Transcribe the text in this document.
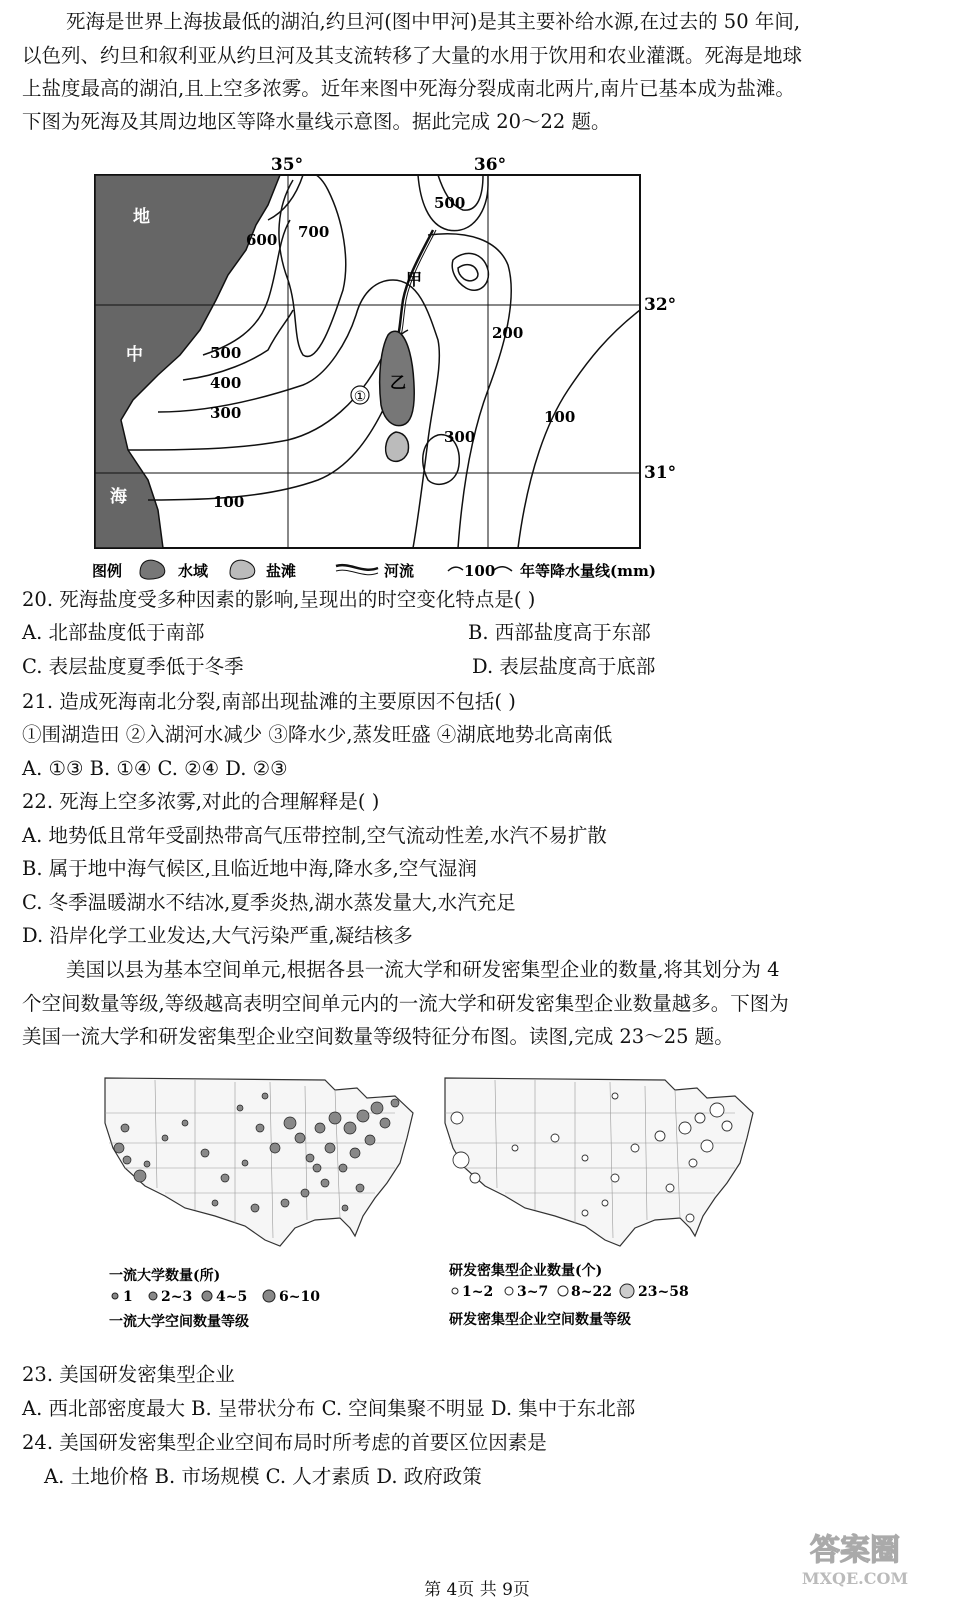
死海是世界上海拔最低的湖泊,约旦河(图中甲河)是其主要补给水源,在过去的 50 年间,
以色列、约旦和叙利亚从约旦河及其支流转移了大量的水用于饮用和农业灌溉。死海是地球
上盐度最高的湖泊,且上空多浓雾。近年来图中死海分裂成南北两片,南片已基本成为盐滩。
下图为死海及其周边地区等降水量线示意图。据此完成 20～22 题。
①
35°	36°
32°
31°
地
中
海
700
600
500
500
400
300
100
200
300
100
甲
乙
图例	水域	盐滩	河流	100 年等降水量线(mm)
20. 死海盐度受多种因素的影响,呈现出的时空变化特点是( )
A. 北部盐度低于南部	B. 西部盐度高于东部
C. 表层盐度夏季低于冬季	D. 表层盐度高于底部
21. 造成死海南北分裂,南部出现盐滩的主要原因不包括( )
①围湖造田 ②入湖河水减少 ③降水少,蒸发旺盛 ④湖底地势北高南低
A. ①③ B. ①④ C. ②④ D. ②③
22. 死海上空多浓雾,对此的合理解释是( )
A. 地势低且常年受副热带高气压带控制,空气流动性差,水汽不易扩散
B. 属于地中海气候区,且临近地中海,降水多,空气湿润
C. 冬季温暖湖水不结冰,夏季炎热,湖水蒸发量大,水汽充足
D. 沿岸化学工业发达,大气污染严重,凝结核多
美国以县为基本空间单元,根据各县一流大学和研发密集型企业的数量,将其划分为 4
个空间数量等级,等级越高表明空间单元内的一流大学和研发密集型企业数量越多。下图为
美国一流大学和研发密集型企业空间数量等级特征分布图。读图,完成 23～25 题。
一流大学数量(所)
1 2~3 4~5 6~10
一流大学空间数量等级
研发密集型企业数量(个)
1~2 3~7 8~22 23~58
研发密集型企业空间数量等级
23. 美国研发密集型企业
A. 西北部密度最大 B. 呈带状分布 C. 空间集聚不明显 D. 集中于东北部
24. 美国研发密集型企业空间布局时所考虑的首要区位因素是
A. 土地价格 B. 市场规模 C. 人才素质 D. 政府政策
答案圈
MXQE.COM
第 4页 共 9页
